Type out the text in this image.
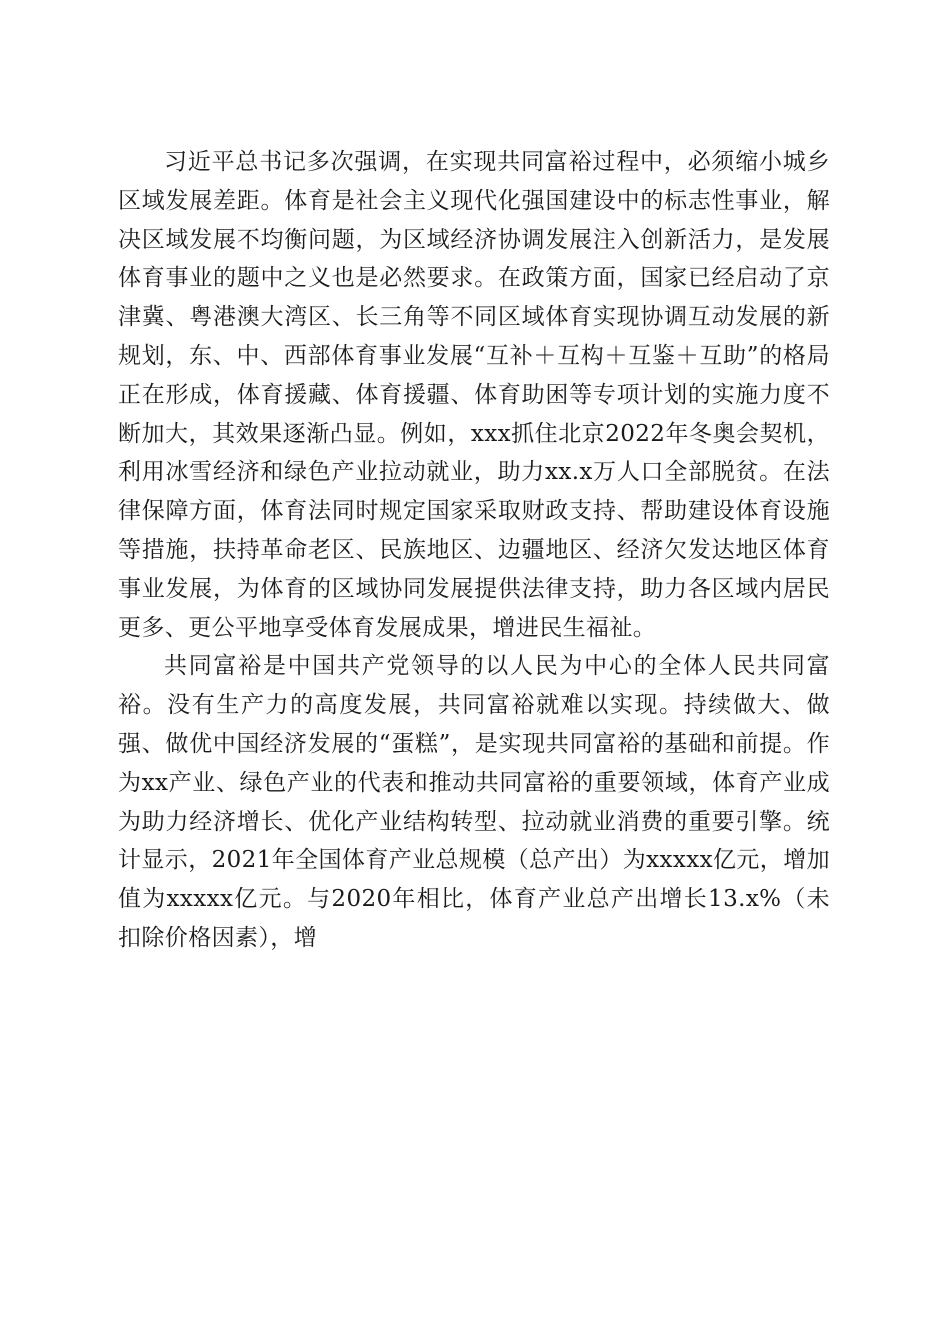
习近平总书记多次强调，在实现共同富裕过程中，必须缩小城乡区域发展差距。体育是社会主义现代化强国建设中的标志性事业，解决区域发展不均衡问题，为区域经济协调发展注入创新活力，是发展体育事业的题中之义也是必然要求。在政策方面，国家已经启动了京津冀、粤港澳大湾区、长三角等不同区域体育实现协调互动发展的新规划，东、中、西部体育事业发展“互补＋互构＋互鉴＋互助”的格局正在形成，体育援藏、体育援疆、体育助困等专项计划的实施力度不断加大，其效果逐渐凸显。例如，xxx抓住北京2022年冬奥会契机，利用冰雪经济和绿色产业拉动就业，助力xx.x万人口全部脱贫。在法律保障方面，体育法同时规定国家采取财政支持、帮助建设体育设施等措施，扶持革命老区、民族地区、边疆地区、经济欠发达地区体育事业发展，为体育的区域协同发展提供法律支持，助力各区域内居民更多、更公平地享受体育发展成果，增进民生福祉。

共同富裕是中国共产党领导的以人民为中心的全体人民共同富裕。没有生产力的高度发展，共同富裕就难以实现。持续做大、做强、做优中国经济发展的“蛋糕”，是实现共同富裕的基础和前提。作为xx产业、绿色产业的代表和推动共同富裕的重要领域，体育产业成为助力经济增长、优化产业结构转型、拉动就业消费的重要引擎。统计显示，2021年全国体育产业总规模（总产出）为xxxxx亿元，增加值为xxxxx亿元。与2020年相比，体育产业总产出增长13.x%（未扣除价格因素），增
